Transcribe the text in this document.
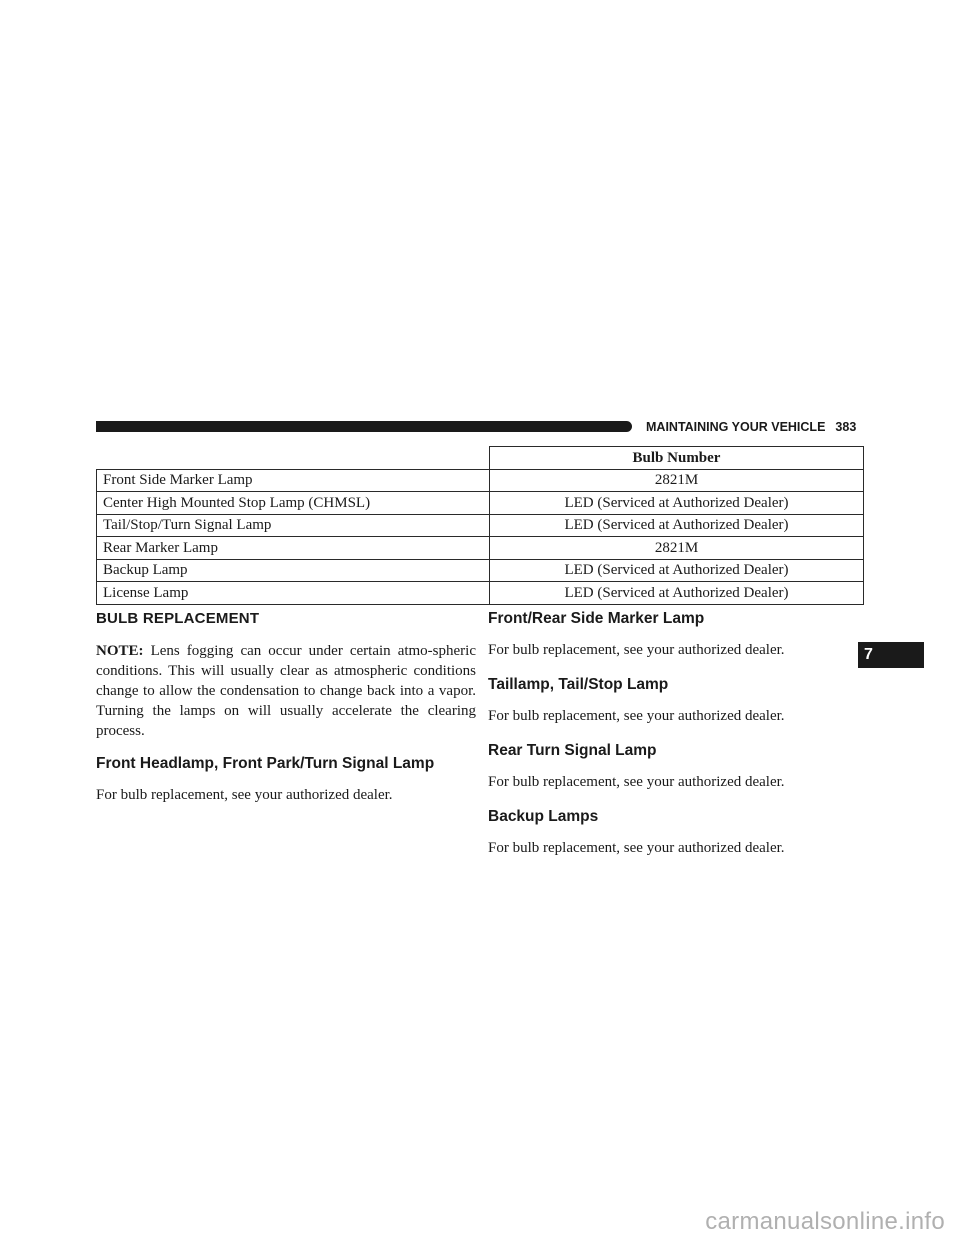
MAINTAINING YOUR VEHICLE 383
	Bulb Number
Front Side Marker Lamp	2821M
Center High Mounted Stop Lamp (CHMSL)	LED (Serviced at Authorized Dealer)
Tail/Stop/Turn Signal Lamp	LED (Serviced at Authorized Dealer)
Rear Marker Lamp	2821M
Backup Lamp	LED (Serviced at Authorized Dealer)
License Lamp	LED (Serviced at Authorized Dealer)
BULB REPLACEMENT

NOTE: Lens fogging can occur under certain atmo-spheric conditions. This will usually clear as atmospheric conditions change to allow the condensation to change back into a vapor. Turning the lamps on will usually accelerate the clearing process.

Front Headlamp, Front Park/Turn Signal Lamp

For bulb replacement, see your authorized dealer.

Front/Rear Side Marker Lamp

For bulb replacement, see your authorized dealer.

Taillamp, Tail/Stop Lamp

For bulb replacement, see your authorized dealer.

Rear Turn Signal Lamp

For bulb replacement, see your authorized dealer.

Backup Lamps

For bulb replacement, see your authorized dealer.

7
carmanualsonline.info
